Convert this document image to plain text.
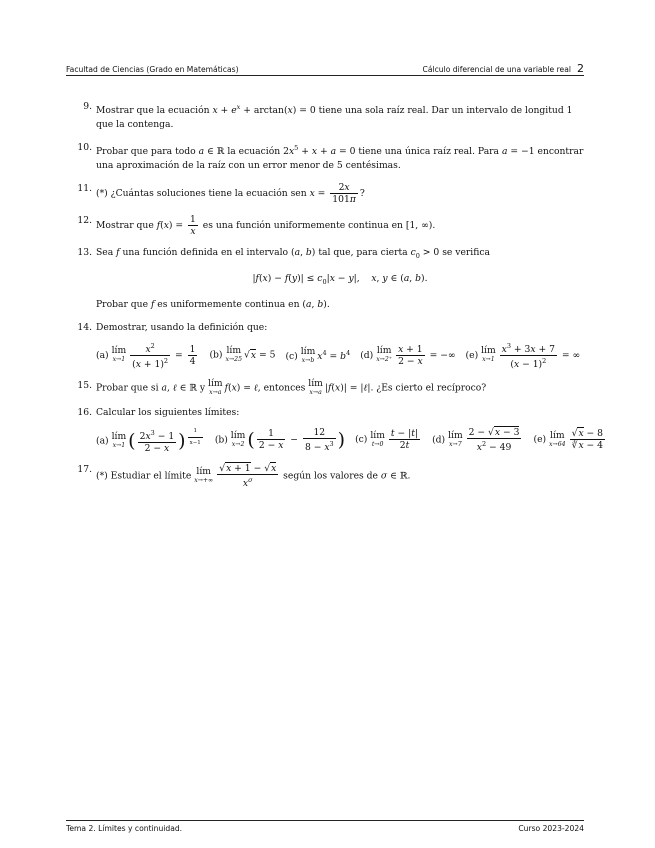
Facultad de Ciencias (Grado en Matemáticas)	Cálculo diferencial de una variable real 2
9. Mostrar que la ecuación $x + e^x + \arctan(x) = 0$ tiene una sola raíz real. Dar un intervalo de longitud 1 que la contenga.
10. Probar que para todo a ∈ ℝ la ecuación $2x^5 + x + a = 0$ tiene una única raíz real. Para a = −1 encontrar una aproximación de la raíz con un error menor de 5 centésimas.
11. (*) ¿Cuántas soluciones tiene la ecuación sen $x = \frac{2x}{101\pi}$ ?
12. Mostrar que $f(x) = \frac{1}{x}$ es una función uniformemente continua en [1, ∞).
13. Sea f una función definida en el intervalo (a, b) tal que, para cierta $c_0 > 0$ se verifica
$|f(x) - f(y)| \le c_0|x - y|$,    x, y ∈ (a, b).
Probar que f es uniformemente continua en (a, b).
14. Demostrar, usando la definición que:
(a) lím
$x\to 1 \frac{x^2}{(x + 1)^2} = \frac{1}{4} (b)$ lím
x→25 √x = 5 (c) lím
x→b $x^4 = b^4$ (d) lím
$x\to 2^+ \frac{x + 1}{2 - x}$ = −∞ (e) lím
$x\to 1 \frac{x^3 + 3x + 7}{(x - 1)^2}$ = ∞
15. Probar que si a, ℓ ∈ ℝ y lím
x→a f(x) = ℓ, entonces lím
x→a |f(x)| = |ℓ|. ¿Es cierto el recíproco?
16. Calcular los siguientes límites:
(a) lím
x→1 ( $\frac{2x^3 - 1}{2 - x}$ ) $^{\frac{1}{x-1}}$ (b) lím
x→2 ( $\frac{1}{2 - x} - \frac{12}{8 - x^3}$ ) (c) lím
$t\to 0 \frac{t - |t|}{2t} (d)$ lím
$x\to 7 \frac{2 - √x - 3}{x^2 - 49} (e)$ lím
$x\to 64 \frac{√x - 8}{∛x - 4}$
17.
(*) Estudiar el límite lím
$x\to+\infty \frac{√x + 1 - √x}{x^\sigma}$ según los valores de σ ∈ ℝ.
Tema 2. Límites y continuidad.	Curso 2023-2024
